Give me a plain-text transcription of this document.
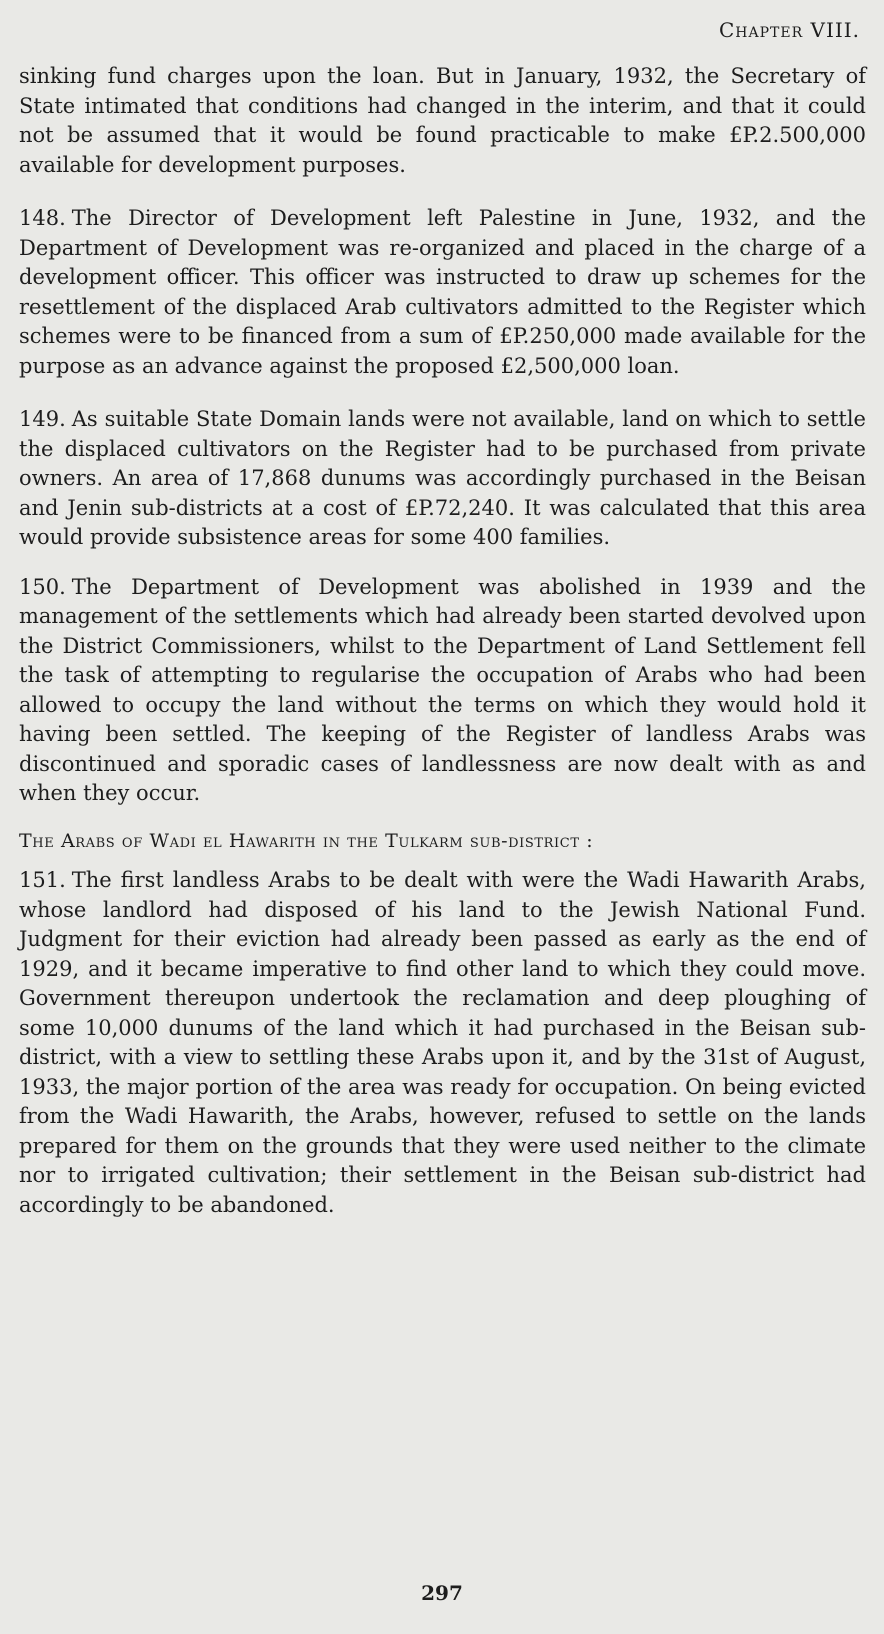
Chapter VIII.

sinking fund charges upon the loan. But in January, 1932, the Secretary of State intimated that conditions had changed in the interim, and that it could not be assumed that it would be found practicable to make £P.2.500,000 available for development purposes.

148. The Director of Development left Palestine in June, 1932, and the Department of Development was re-organized and placed in the charge of a development officer. This officer was instructed to draw up schemes for the resettlement of the displaced Arab cultivators admitted to the Register which schemes were to be financed from a sum of £P.250,000 made available for the purpose as an advance against the proposed £2,500,000 loan.

149. As suitable State Domain lands were not available, land on which to settle the displaced cultivators on the Register had to be purchased from private owners. An area of 17,868 dunums was accordingly purchased in the Beisan and Jenin sub-districts at a cost of £P.72,240. It was calculated that this area would provide subsistence areas for some 400 families.

150. The Department of Development was abolished in 1939 and the management of the settlements which had already been started devolved upon the District Commissioners, whilst to the Department of Land Settlement fell the task of attempting to regularise the occupation of Arabs who had been allowed to occupy the land without the terms on which they would hold it having been settled. The keeping of the Register of landless Arabs was discontinued and sporadic cases of landlessness are now dealt with as and when they occur.

The Arabs of Wadi el Hawarith in the Tulkarm sub-district :

151. The first landless Arabs to be dealt with were the Wadi Hawarith Arabs, whose landlord had disposed of his land to the Jewish National Fund. Judgment for their eviction had already been passed as early as the end of 1929, and it became imperative to find other land to which they could move. Government thereupon undertook the reclamation and deep ploughing of some 10,000 dunums of the land which it had purchased in the Beisan sub-district, with a view to settling these Arabs upon it, and by the 31st of August, 1933, the major portion of the area was ready for occupation. On being evicted from the Wadi Hawarith, the Arabs, however, refused to settle on the lands prepared for them on the grounds that they were used neither to the climate nor to irrigated cultivation; their settlement in the Beisan sub-district had accordingly to be abandoned.

297
